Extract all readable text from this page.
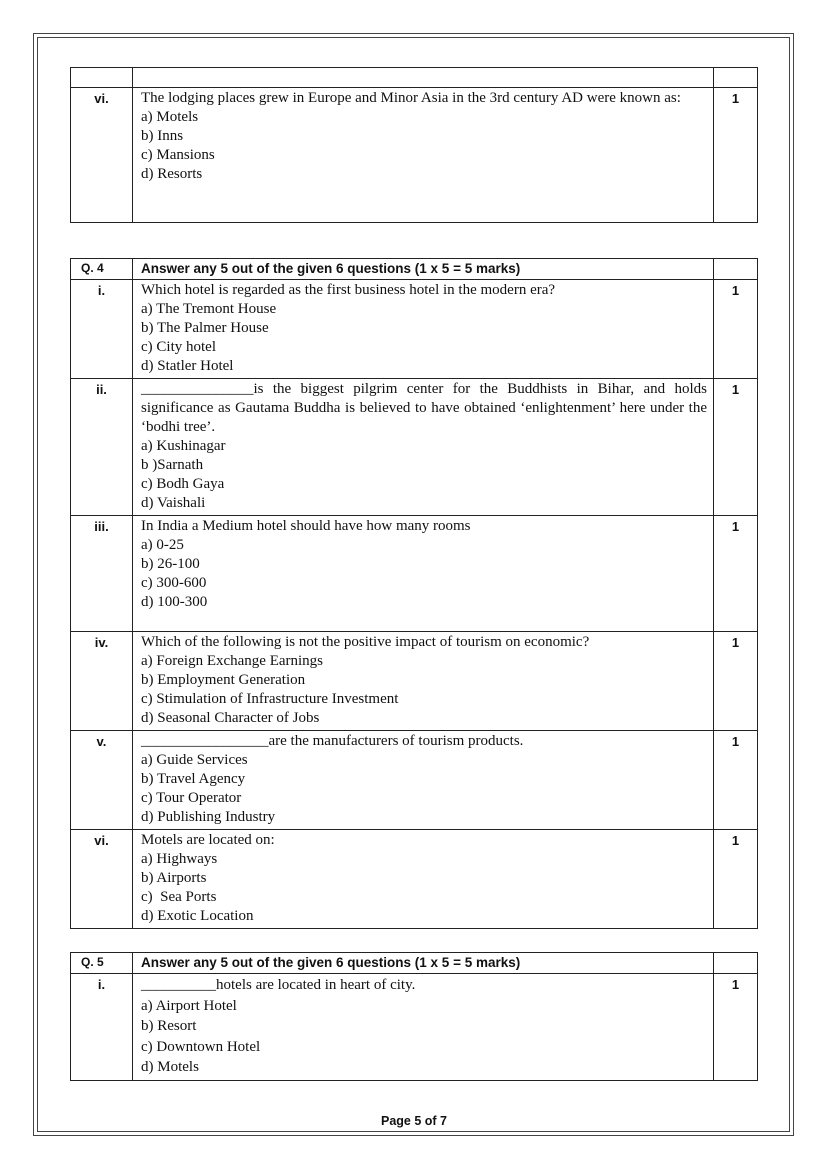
vi.	The lodging places grew in Europe and Minor Asia in the 3rd century AD were known as:
a) Motels
b) Inns
c) Mansions
d) Resorts	1
Q. 4	Answer any 5 out of the given 6 questions (1 x 5 = 5 marks)	

i.	Which hotel is regarded as the first business hotel in the modern era?
a) The Tremont House
b) The Palmer House
c) City hotel
d) Statler Hotel	1

ii.	_______________is the biggest pilgrim center for the Buddhists in Bihar, and holds significance as Gautama Buddha is believed to have obtained ‘enlightenment’ here under the ‘bodhi tree’.
a) Kushinagar
b )Sarnath
c) Bodh Gaya
d) Vaishali	1

iii.	In India a Medium hotel should have how many rooms
a) 0-25
b) 26-100
c) 300-600
d) 100-300	1

iv.	Which of the following is not the positive impact of tourism on economic?
a) Foreign Exchange Earnings
b) Employment Generation
c) Stimulation of Infrastructure Investment
d) Seasonal Character of Jobs	1

v.	_________________are the manufacturers of tourism products.
a) Guide Services
b) Travel Agency
c) Tour Operator
d) Publishing Industry	1

vi.	Motels are located on:
a) Highways
b) Airports
c)  Sea Ports
d) Exotic Location	1
Q. 5	Answer any 5 out of the given 6 questions (1 x 5 = 5 marks)	

i.	__________hotels are located in heart of city.
a) Airport Hotel
b) Resort
c) Downtown Hotel
d) Motels	1
Page 5 of 7
